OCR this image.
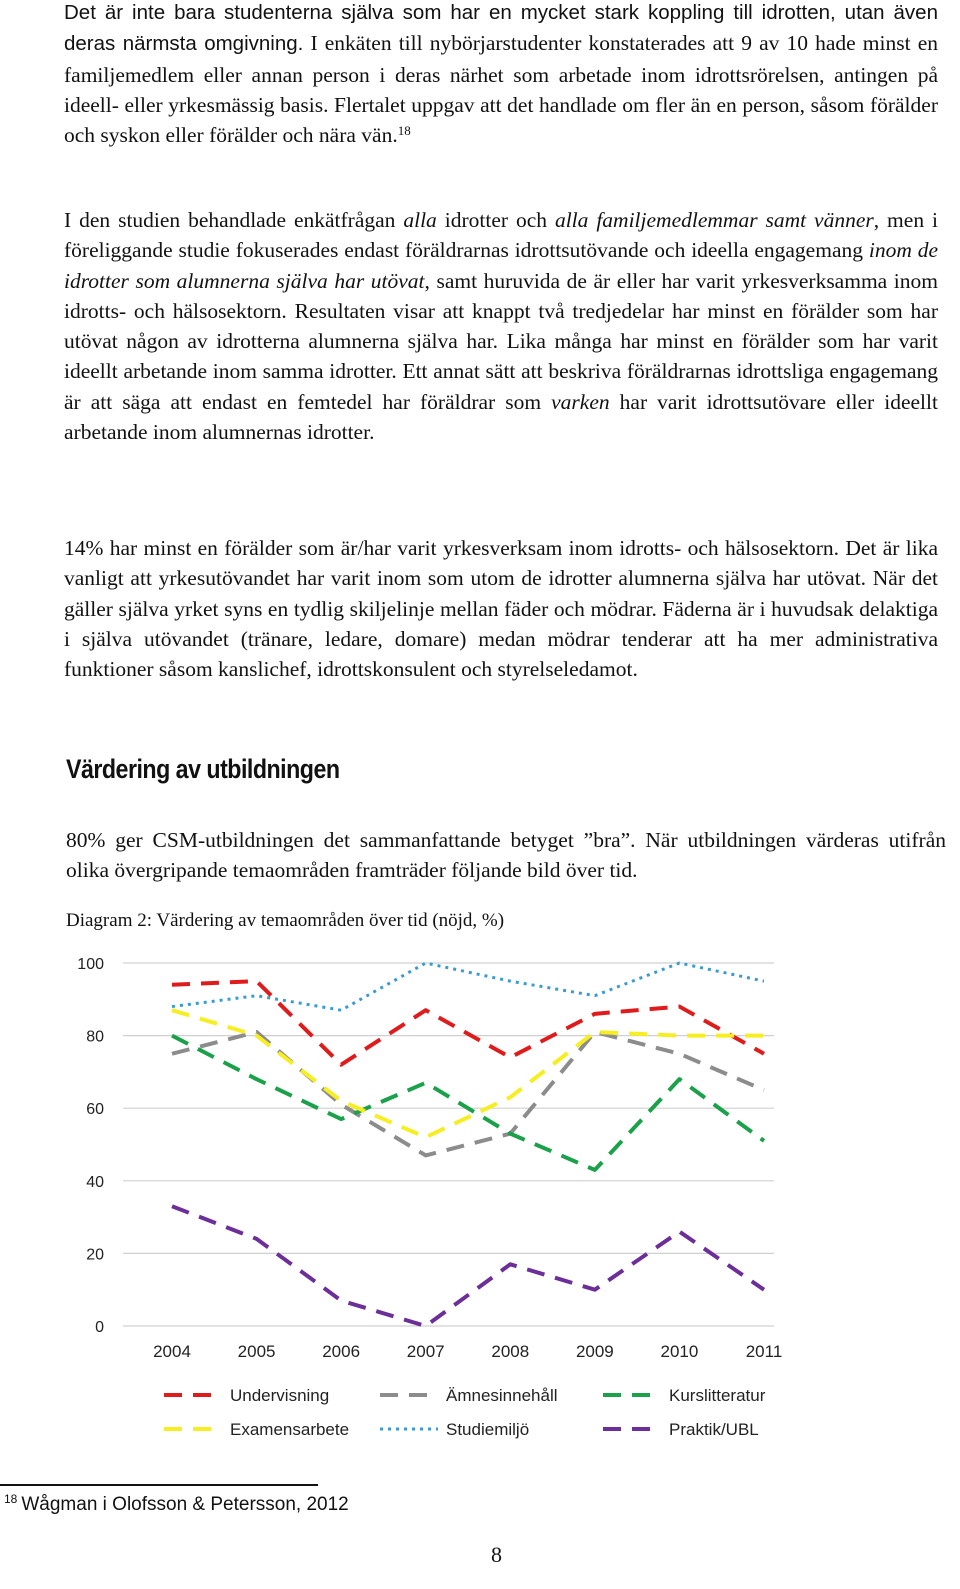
Det är inte bara studenterna själva som har en mycket stark koppling till idrotten, utan även deras närmsta omgivning. I enkäten till nybörjarstudenter konstaterades att 9 av 10 hade minst en familjemedlem eller annan person i deras närhet som arbetade inom idrottsrörelsen, antingen på ideell- eller yrkesmässig basis. Flertalet uppgav att det handlade om fler än en person, såsom förälder och syskon eller förälder och nära vän.$^{18}$

I den studien behandlade enkätfrågan alla idrotter och alla familjemedlemmar samt vänner, men i föreliggande studie fokuserades endast föräldrarnas idrottsutövande och ideella engagemang inom de idrotter som alumnerna själva har utövat, samt huruvida de är eller har varit yrkesverksamma inom idrotts- och hälsosektorn. Resultaten visar att knappt två tredjedelar har minst en förälder som har utövat någon av idrotterna alumnerna själva har. Lika många har minst en förälder som har varit ideellt arbetande inom samma idrotter. Ett annat sätt att beskriva föräldrarnas idrottsliga engagemang är att säga att endast en femtedel har föräldrar som varken har varit idrottsutövare eller ideellt arbetande inom alumnernas idrotter.

14% har minst en förälder som är/har varit yrkesverksam inom idrotts- och hälsosektorn. Det är lika vanligt att yrkesutövandet har varit inom som utom de idrotter alumnerna själva har utövat. När det gäller själva yrket syns en tydlig skiljelinje mellan fäder och mödrar. Fäderna är i huvudsak delaktiga i själva utövandet (tränare, ledare, domare) medan mödrar tenderar att ha mer administrativa funktioner såsom kanslichef, idrottskonsulent och styrelseledamot.

Värdering av utbildningen

80% ger CSM-utbildningen det sammanfattande betyget ”bra”. När utbildningen värderas utifrån olika övergripande temaområden framträder följande bild över tid.

Diagram 2: Värdering av temaområden över tid (nöjd, %)

0
20
40
60
80
100
2004	2005	2006	2007	2008	2009	2010	2011
Undervisning	Ämnesinnehåll	Kurslitteratur
Examensarbete	Studiemiljö	Praktik/UBL

$^{18}$ Wågman i Olofsson & Petersson, 2012

8
